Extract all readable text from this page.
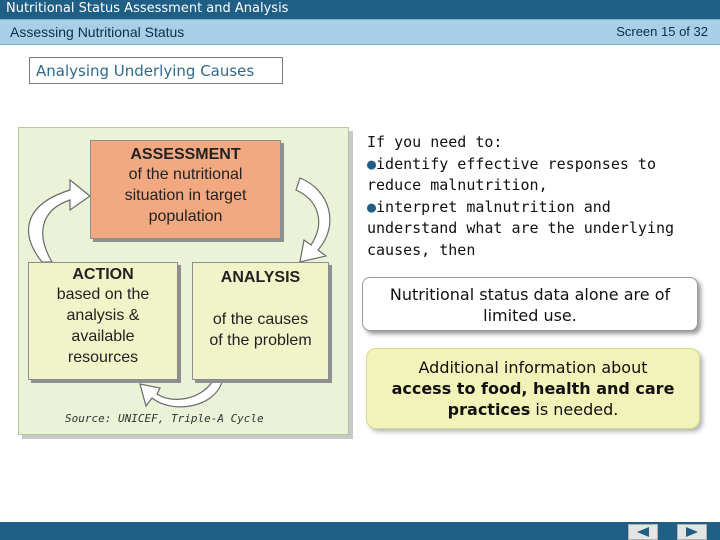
Nutritional Status Assessment and Analysis
Assessing Nutritional Status	Screen 15 of 32
Analysing Underlying Causes
ASSESSMENT
of the nutritional
situation in target
population
ACTION
based on the
analysis &
available
resources
ANALYSIS
of the causes
of the problem
Source: UNICEF, Triple-A Cycle
If you need to:
●identify effective responses to reduce malnutrition,
●interpret malnutrition and understand what are the underlying causes, then
Nutritional status data alone are of limited use.
Additional information about
access to food, health and care practices is needed.
